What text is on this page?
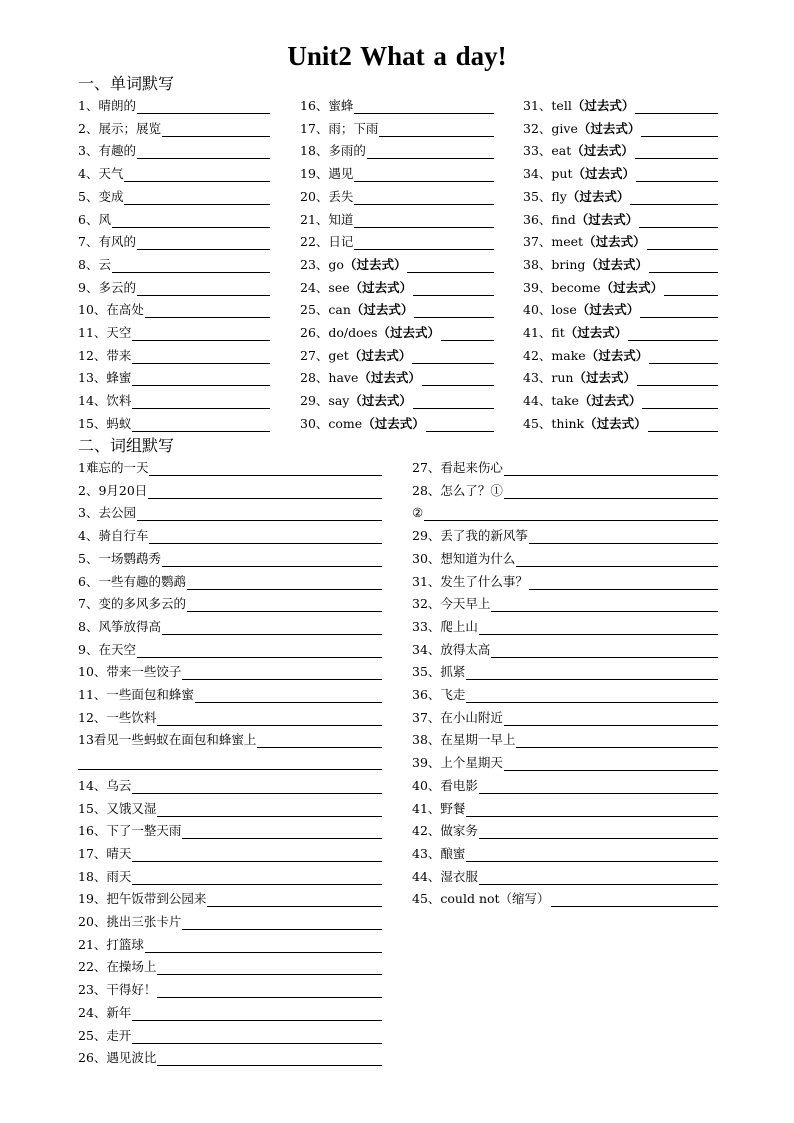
Unit2 What a day!
一、单词默写
二、词组默写
1、晴朗的
2、展示；展览
3、有趣的
4、天气
5、变成
6、风
7、有风的
8、云
9、多云的
10、在高处
11、天空
12、带来
13、蜂蜜
14、饮料
15、蚂蚁
16、蜜蜂
17、雨；下雨
18、多雨的
19、遇见
20、丢失
21、知道
22、日记
23、go （过去式）
24、see （过去式）
25、can （过去式）
26、do/does （过去式）
27、get （过去式）
28、have （过去式）
29、say （过去式）
30、come （过去式）
31、tell （过去式）
32、give （过去式）
33、eat （过去式）
34、put （过去式）
35、fly （过去式）
36、find （过去式）
37、meet （过去式）
38、bring （过去式）
39、become （过去式）
40、lose （过去式）
41、fit （过去式）
42、make （过去式）
43、run （过去式）
44、take （过去式）
45、think （过去式）
1难忘的一天
2、9月20日
3、去公园
4、骑自行车
5、一场鹦鹉秀
6、一些有趣的鹦鹉
7、变的多风多云的
8、风筝放得高
9、在天空
10、带来一些饺子
11、一些面包和蜂蜜
12、一些饮料
13看见一些蚂蚁在面包和蜂蜜上
14、乌云
15、又饿又湿
16、下了一整天雨
17、晴天
18、雨天
19、把午饭带到公园来
20、挑出三张卡片
21、打篮球
22、在操场上
23、干得好！
24、新年
25、走开
26、遇见波比
27、看起来伤心
28、怎么了？①
②
29、丢了我的新风筝
30、想知道为什么
31、发生了什么事？
32、今天早上
33、爬上山
34、放得太高
35、抓紧
36、飞走
37、在小山附近
38、在星期一早上
39、上个星期天
40、看电影
41、野餐
42、做家务
43、酿蜜
44、湿衣服
45、could not（缩写）
